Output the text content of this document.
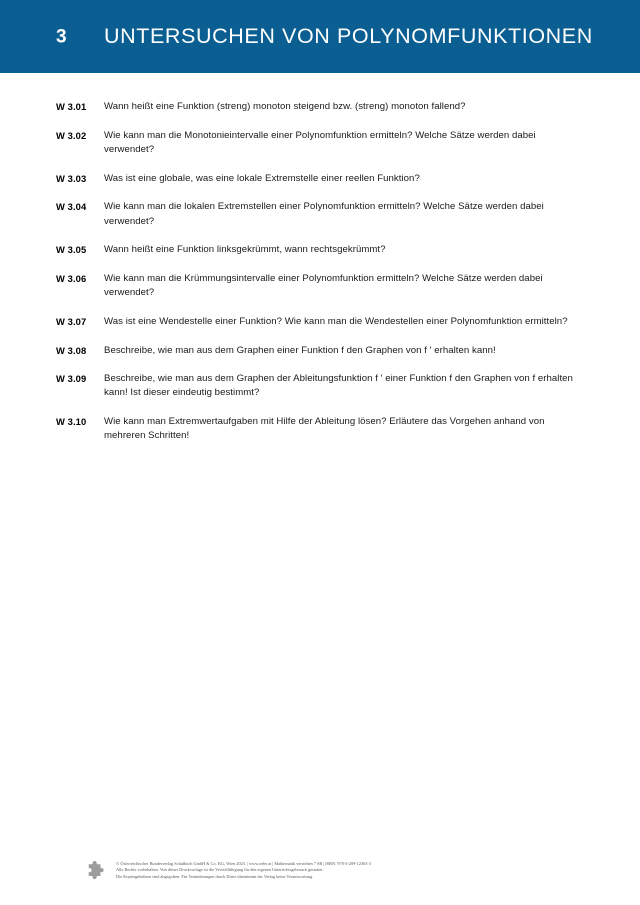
3 UNTERSUCHEN VON POLYNOMFUNKTIONEN
W 3.01	Wann heißt eine Funktion (streng) monoton steigend bzw. (streng) monoton fallend?
W 3.02	Wie kann man die Monotonieintervalle einer Polynomfunktion ermitteln? Welche Sätze werden dabei verwendet?
W 3.03	Was ist eine globale, was eine lokale Extremstelle einer reellen Funktion?
W 3.04	Wie kann man die lokalen Extremstellen einer Polynomfunktion ermitteln? Welche Sätze werden dabei verwendet?
W 3.05	Wann heißt eine Funktion linksgekrümmt, wann rechtsgekrümmt?
W 3.06	Wie kann man die Krümmungsintervalle einer Polynomfunktion ermitteln? Welche Sätze werden dabei verwendet?
W 3.07	Was ist eine Wendestelle einer Funktion? Wie kann man die Wendestellen einer Polynomfunktion ermitteln?
W 3.08	Beschreibe, wie man aus dem Graphen einer Funktion f den Graphen von f ′ erhalten kann!
W 3.09	Beschreibe, wie man aus dem Graphen der Ableitungsfunktion f ′ einer Funktion f den Graphen von f erhalten kann! Ist dieser eindeutig bestimmt?
W 3.10	Wie kann man Extremwertaufgaben mit Hilfe der Ableitung lösen? Erläutere das Vorgehen anhand von mehreren Schritten!
© Österreichischer Bundesverlag Schulbuch GmbH & Co. KG, Wien 2023. | www.oebv.at | Mathematik verstehen 7 SB | ISBN: 978-3-209-12363-3
Alle Rechte vorbehalten. Von dieser Druckvorlage ist die Vervielfältigung für den eigenen Unterrichtsgebrauch gestattet.
Die Kopiergebühren sind abgegolten. Für Veränderungen durch Dritte übernimmt der Verlag keine Verantwortung.
